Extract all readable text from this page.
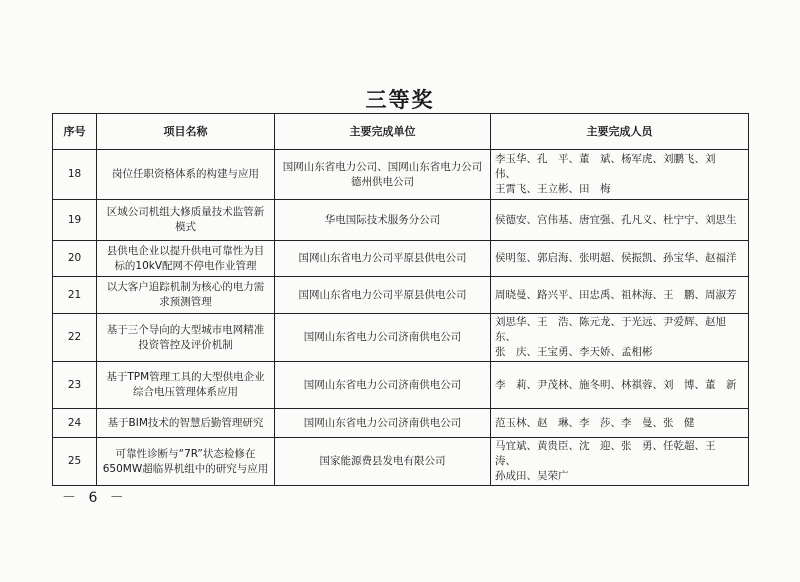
三等奖
序号	项目名称	主要完成单位	主要完成人员
18	岗位任职资格体系的构建与应用	国网山东省电力公司、国网山东省电力公司
德州供电公司	李玉华、孔　平、董　斌、杨军虎、刘鹏飞、刘　伟、
王霄飞、王立彬、田　梅

19	区域公司机组大修质量技术监管新
模式	华电国际技术服务分公司	侯德安、宫伟基、唐宜强、孔凡义、杜宁宁、刘思生

20	县供电企业以提升供电可靠性为目
标的10kV配网不停电作业管理	国网山东省电力公司平原县供电公司	侯明玺、郭启海、张明超、侯振凯、孙宝华、赵福洋

21	以大客户追踪机制为核心的电力需
求预测管理	国网山东省电力公司平原县供电公司	周晓曼、路兴平、田忠禹、祖林海、王　鹏、周淑芳

22	基于三个导向的大型城市电网精准
投资管控及评价机制	国网山东省电力公司济南供电公司	刘思华、王　浩、陈元龙、于光远、尹爱辉、赵旭东、
张　庆、王宝勇、李天娇、孟相彬

23	基于TPM管理工具的大型供电企业
综合电压管理体系应用	国网山东省电力公司济南供电公司	李　莉、尹茂林、施冬明、林祺蓉、刘　博、董　新

24	基于BIM技术的智慧后勤管理研究	国网山东省电力公司济南供电公司	范玉林、赵　琳、李　莎、李　曼、张　健

25	可靠性诊断与“7R”状态检修在
650MW超临界机组中的研究与应用	国家能源费县发电有限公司	马宜斌、黄贵臣、沈　迎、张　勇、任乾超、王　涛、
孙成田、吴荣广
－ 6 －
